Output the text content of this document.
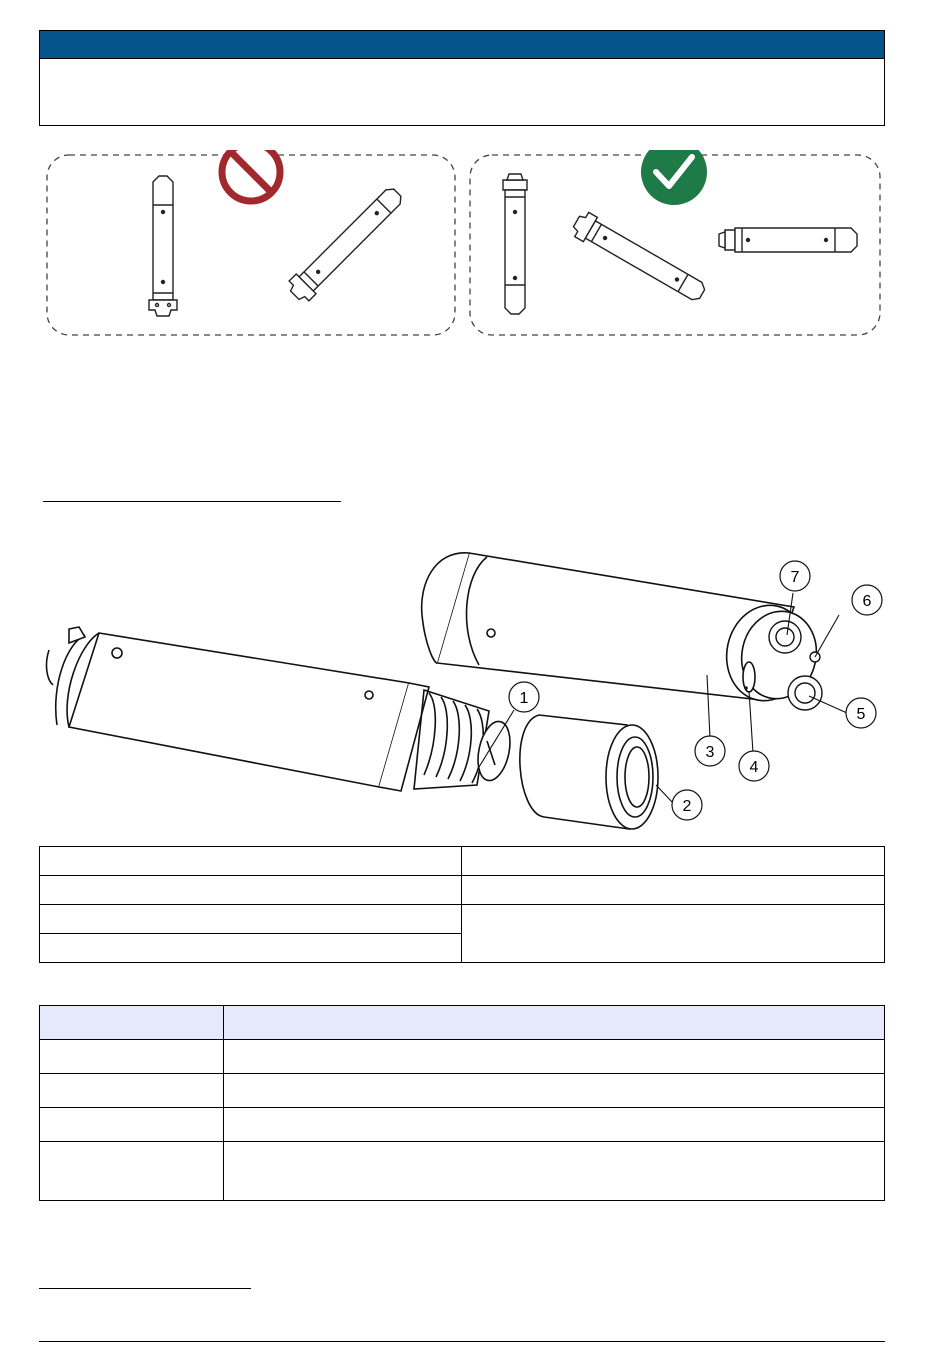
1
2
3
4
5
6
7
